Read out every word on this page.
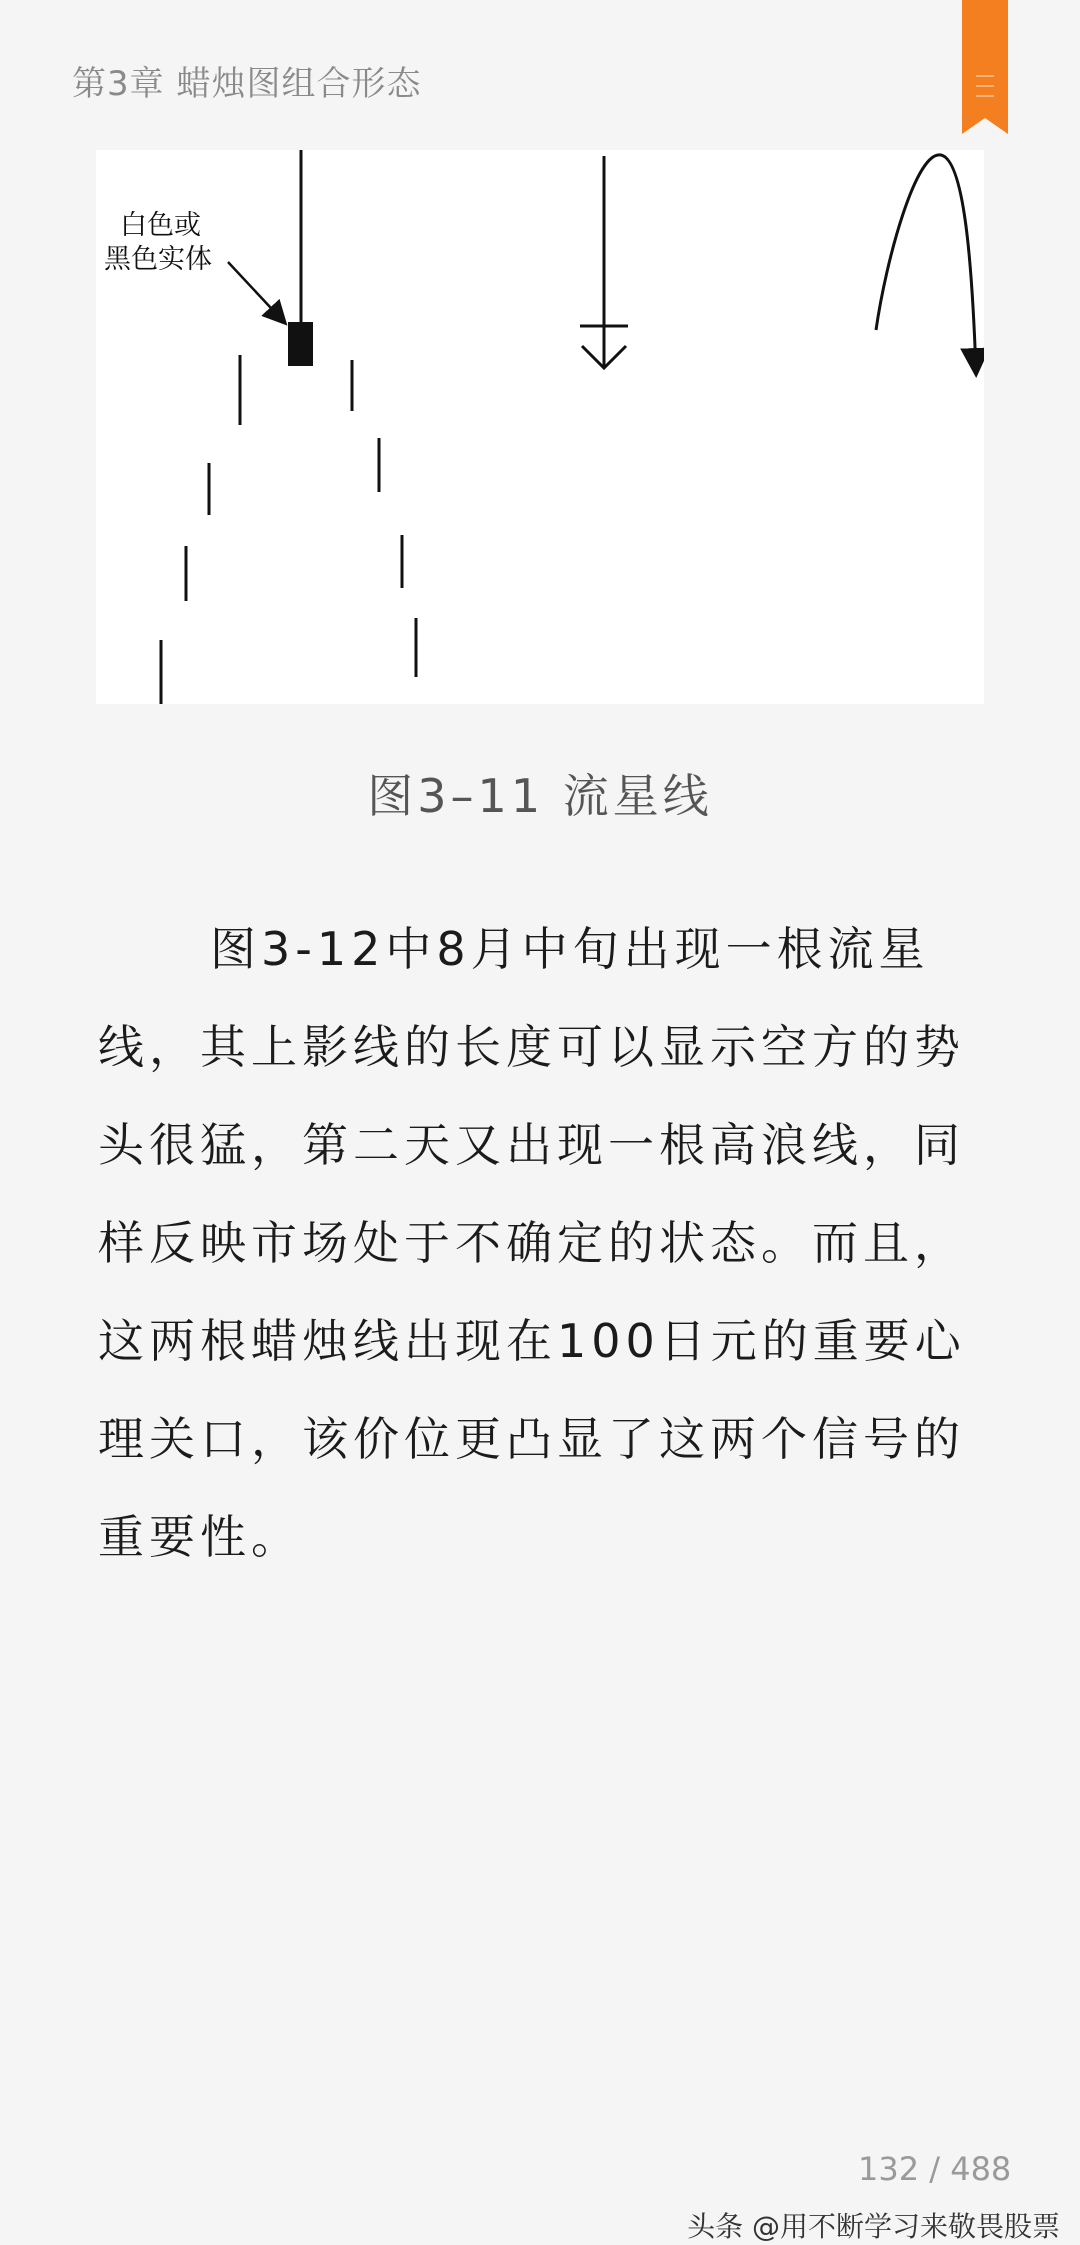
第3章 蜡烛图组合形态
白色或
黑色实体
图3–11 流星线

图3-12中8月中旬出现一根流星线，其上影线的长度可以显示空方的势头很猛，第二天又出现一根高浪线，同样反映市场处于不确定的状态。而且，这两根蜡烛线出现在100日元的重要心理关口，该价位更凸显了这两个信号的重要性。

132 / 488
头条 @用不断学习来敬畏股票
